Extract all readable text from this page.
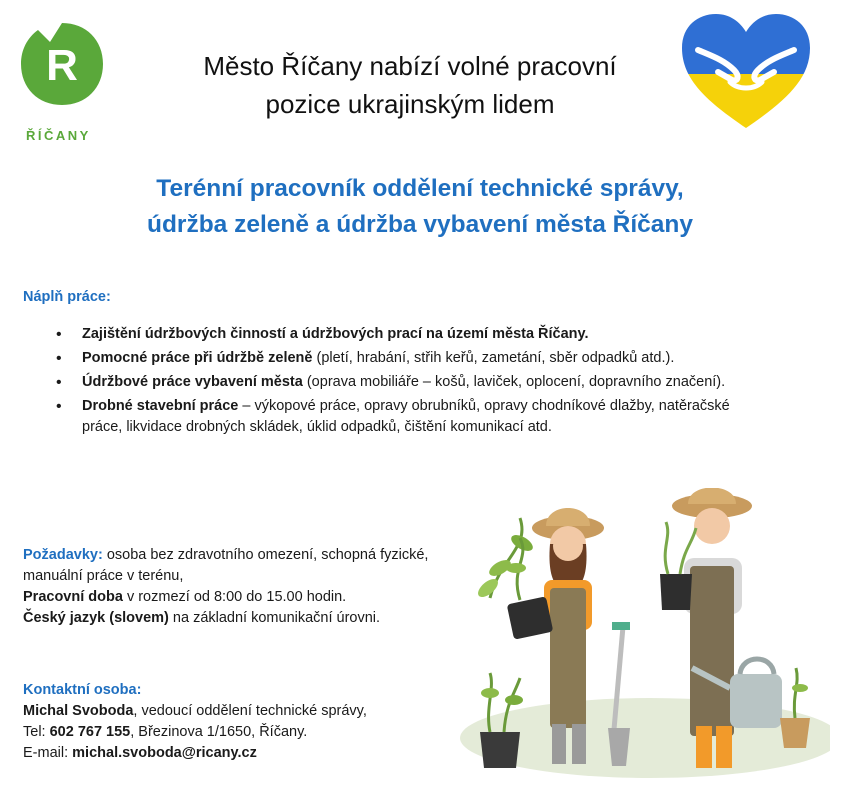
R
ŘÍČANY
Město Říčany nabízí volné pracovní
pozice ukrajinským lidem
Terénní pracovník oddělení technické správy,
údržba zeleně a údržba vybavení města Říčany
Náplň práce:
• Zajištění údržbových činností a údržbových prací na území města Říčany.
• Pomocné práce při údržbě zeleně (pletí, hrabání, střih keřů, zametání, sběr odpadků atd.).
• Údržbové práce vybavení města (oprava mobiliáře – košů, laviček, oplocení, dopravního značení).
• Drobné stavební práce – výkopové práce, opravy obrubníků, opravy chodníkové dlažby, natěračské práce, likvidace drobných skládek, úklid odpadků, čištění komunikací atd.
Požadavky: osoba bez zdravotního omezení, schopná fyzické, manuální práce v terénu,
Pracovní doba v rozmezí od 8:00 do 15.00 hodin.
Český jazyk (slovem) na základní komunikační úrovni.
Kontaktní osoba:
Michal Svoboda, vedoucí oddělení technické správy,
Tel: 602 767 155, Březinova 1/1650, Říčany.
E-mail: michal.svoboda@ricany.cz
